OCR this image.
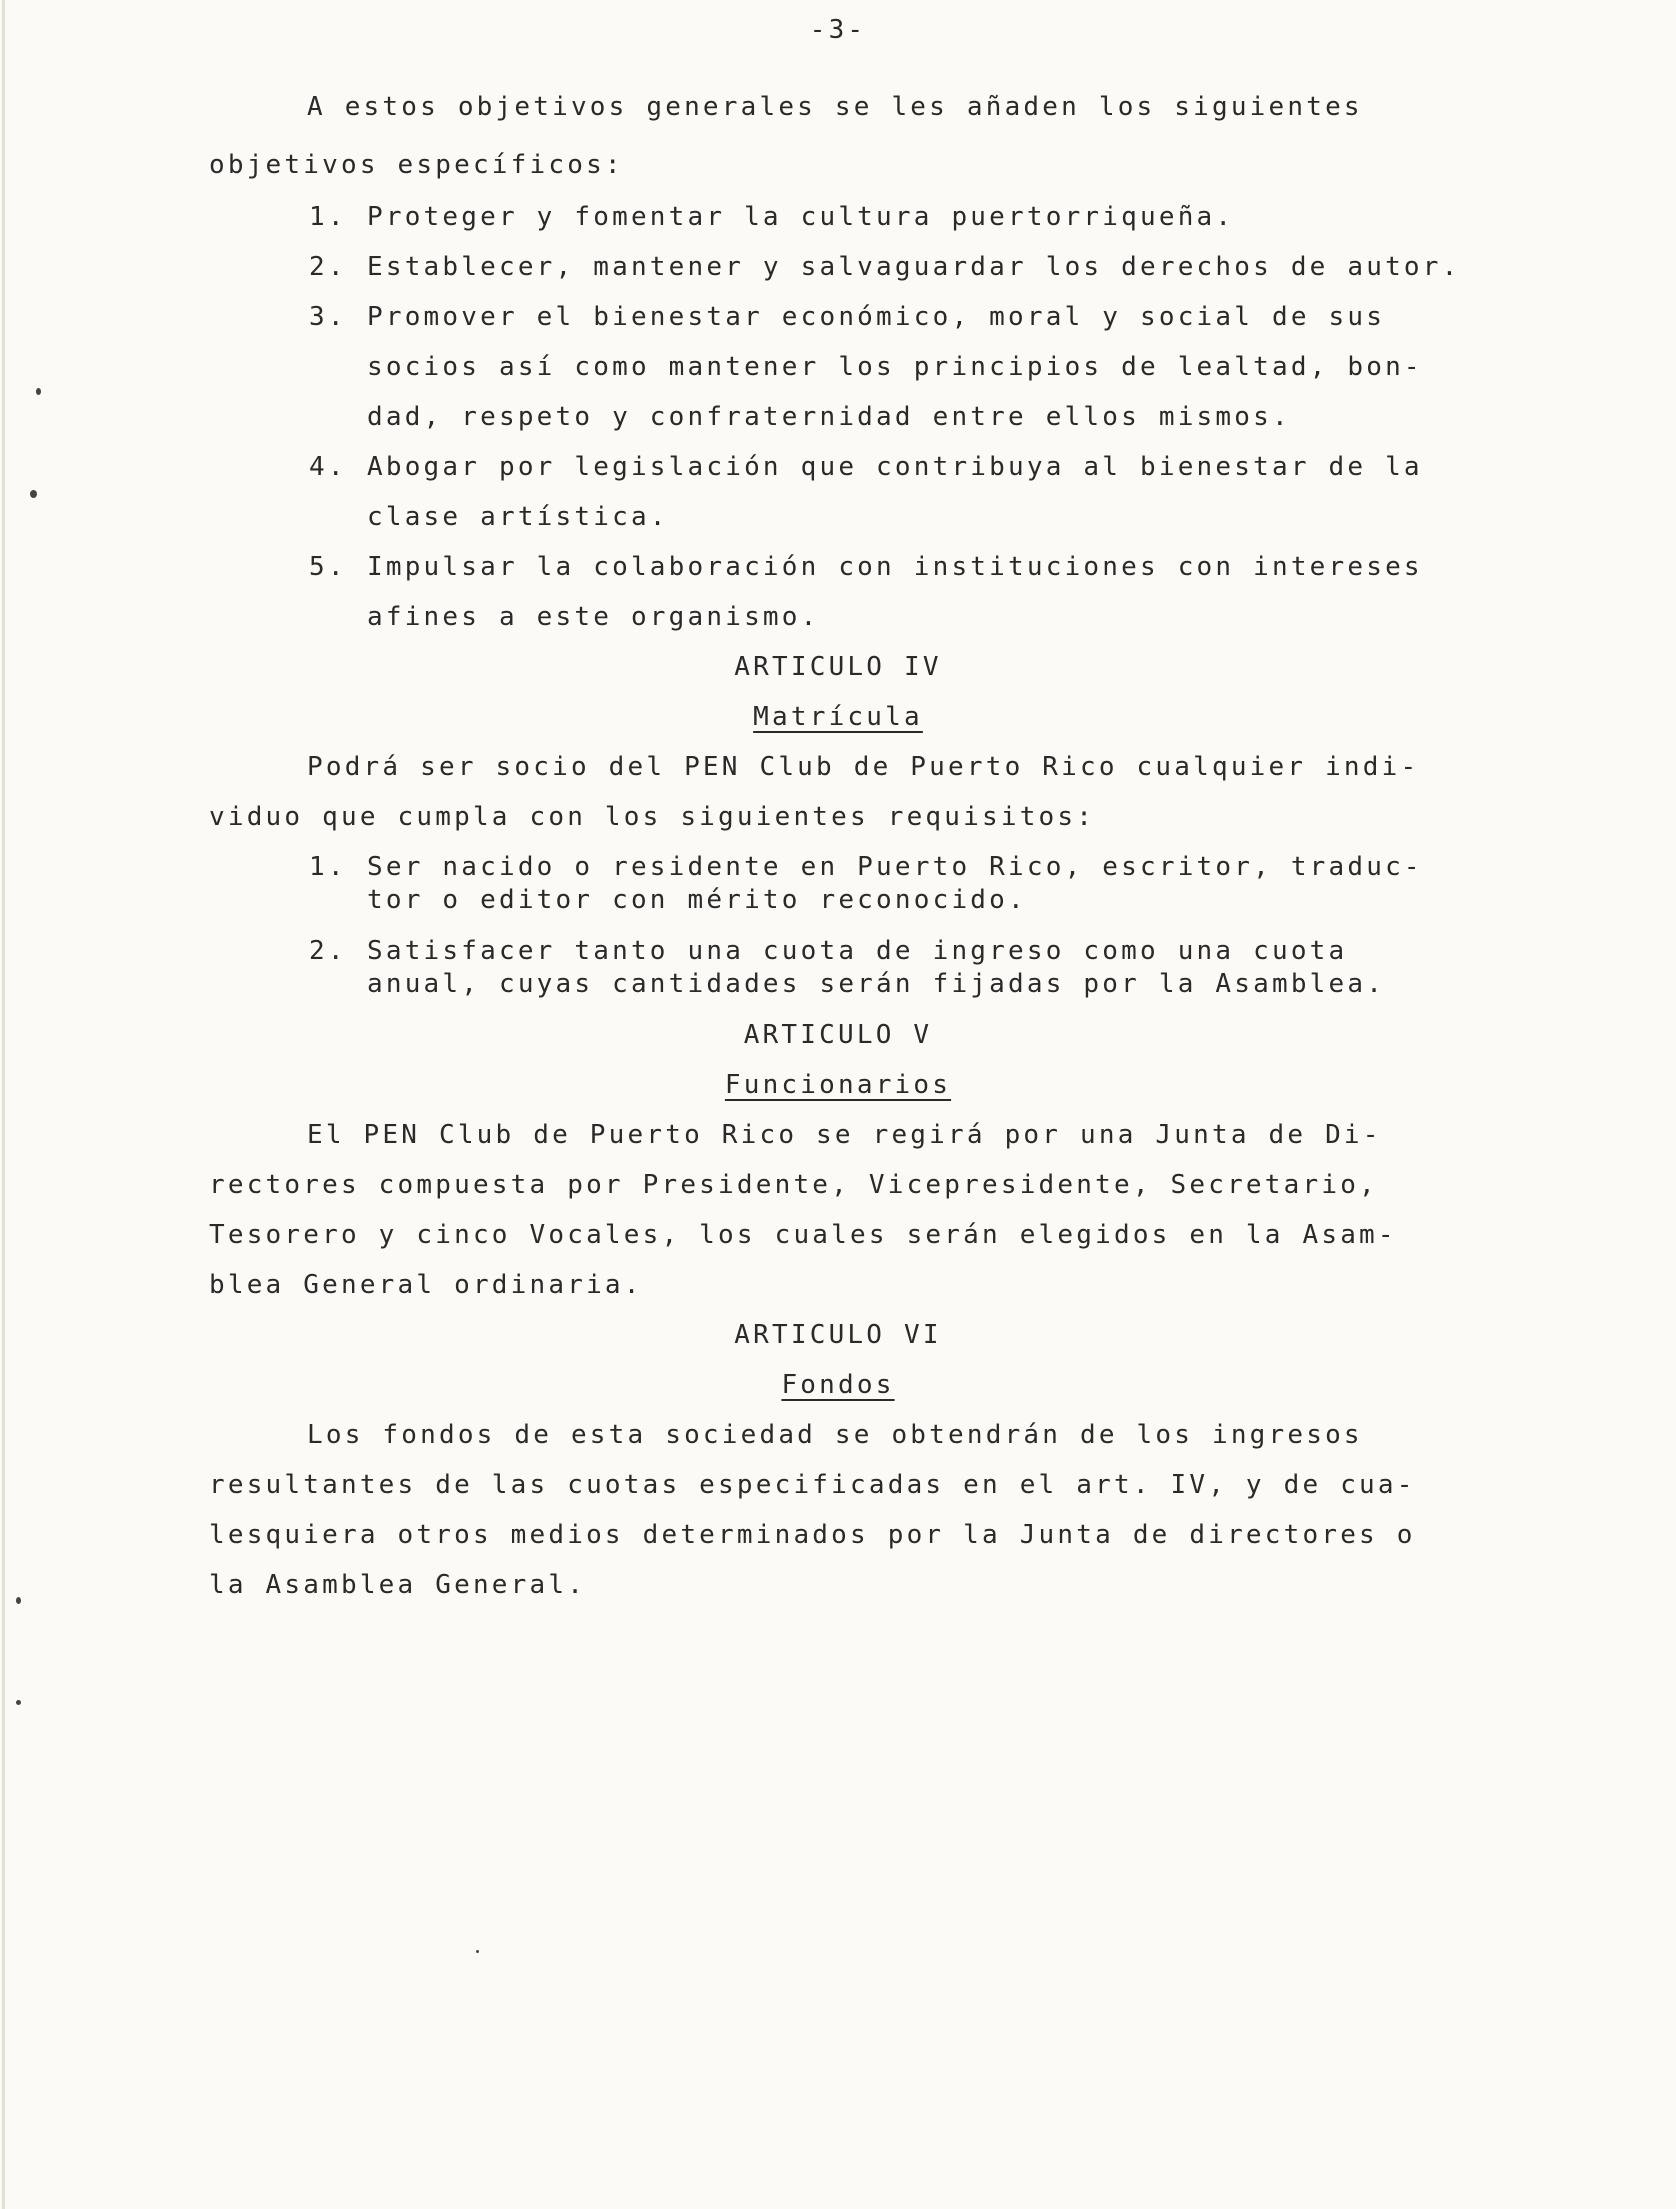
-3-
A estos objetivos generales se les añaden los siguientes
objetivos específicos:
1. Proteger y fomentar la cultura puertorriqueña.
2. Establecer, mantener y salvaguardar los derechos de autor.
3. Promover el bienestar económico, moral y social de sus
socios así como mantener los principios de lealtad, bon-
dad, respeto y confraternidad entre ellos mismos.
4. Abogar por legislación que contribuya al bienestar de la
clase artística.
5. Impulsar la colaboración con instituciones con intereses
afines a este organismo.
ARTICULO IV
Matrícula
Podrá ser socio del PEN Club de Puerto Rico cualquier indi-
viduo que cumpla con los siguientes requisitos:
1. Ser nacido o residente en Puerto Rico, escritor, traduc-
tor o editor con mérito reconocido.
2. Satisfacer tanto una cuota de ingreso como una cuota
anual, cuyas cantidades serán fijadas por la Asamblea.
ARTICULO V
Funcionarios
El PEN Club de Puerto Rico se regirá por una Junta de Di-
rectores compuesta por Presidente, Vicepresidente, Secretario,
Tesorero y cinco Vocales, los cuales serán elegidos en la Asam-
blea General ordinaria.
ARTICULO VI
Fondos
Los fondos de esta sociedad se obtendrán de los ingresos
resultantes de las cuotas especificadas en el art. IV, y de cua-
lesquiera otros medios determinados por la Junta de directores o
la Asamblea General.
